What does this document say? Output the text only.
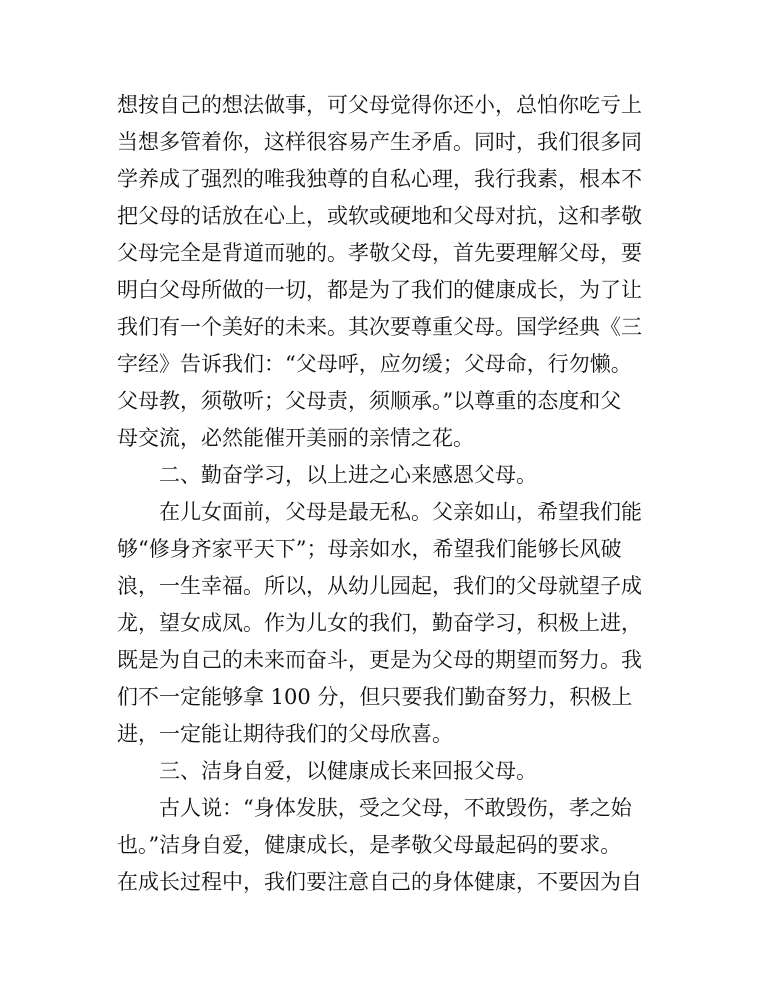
想按自己的想法做事，可父母觉得你还小，总怕你吃亏上
当想多管着你，这样很容易产生矛盾。同时，我们很多同
学养成了强烈的唯我独尊的自私心理，我行我素，根本不
把父母的话放在心上，或软或硬地和父母对抗，这和孝敬
父母完全是背道而驰的。孝敬父母，首先要理解父母，要
明白父母所做的一切，都是为了我们的健康成长，为了让
我们有一个美好的未来。其次要尊重父母。国学经典《三
字经》告诉我们：“父母呼，应勿缓；父母命，行勿懒。
父母教，须敬听；父母责，须顺承。”以尊重的态度和父
母交流，必然能催开美丽的亲情之花。
二、勤奋学习，以上进之心来感恩父母。
在儿女面前，父母是最无私。父亲如山，希望我们能
够“修身齐家平天下”；母亲如水，希望我们能够长风破
浪，一生幸福。所以，从幼儿园起，我们的父母就望子成
龙，望女成凤。作为儿女的我们，勤奋学习，积极上进，
既是为自己的未来而奋斗，更是为父母的期望而努力。我
们不一定能够拿 100 分，但只要我们勤奋努力，积极上
进，一定能让期待我们的父母欣喜。
三、洁身自爱，以健康成长来回报父母。
古人说：“身体发肤，受之父母，不敢毁伤，孝之始
也。”洁身自爱，健康成长，是孝敬父母最起码的要求。
在成长过程中，我们要注意自己的身体健康，不要因为自
